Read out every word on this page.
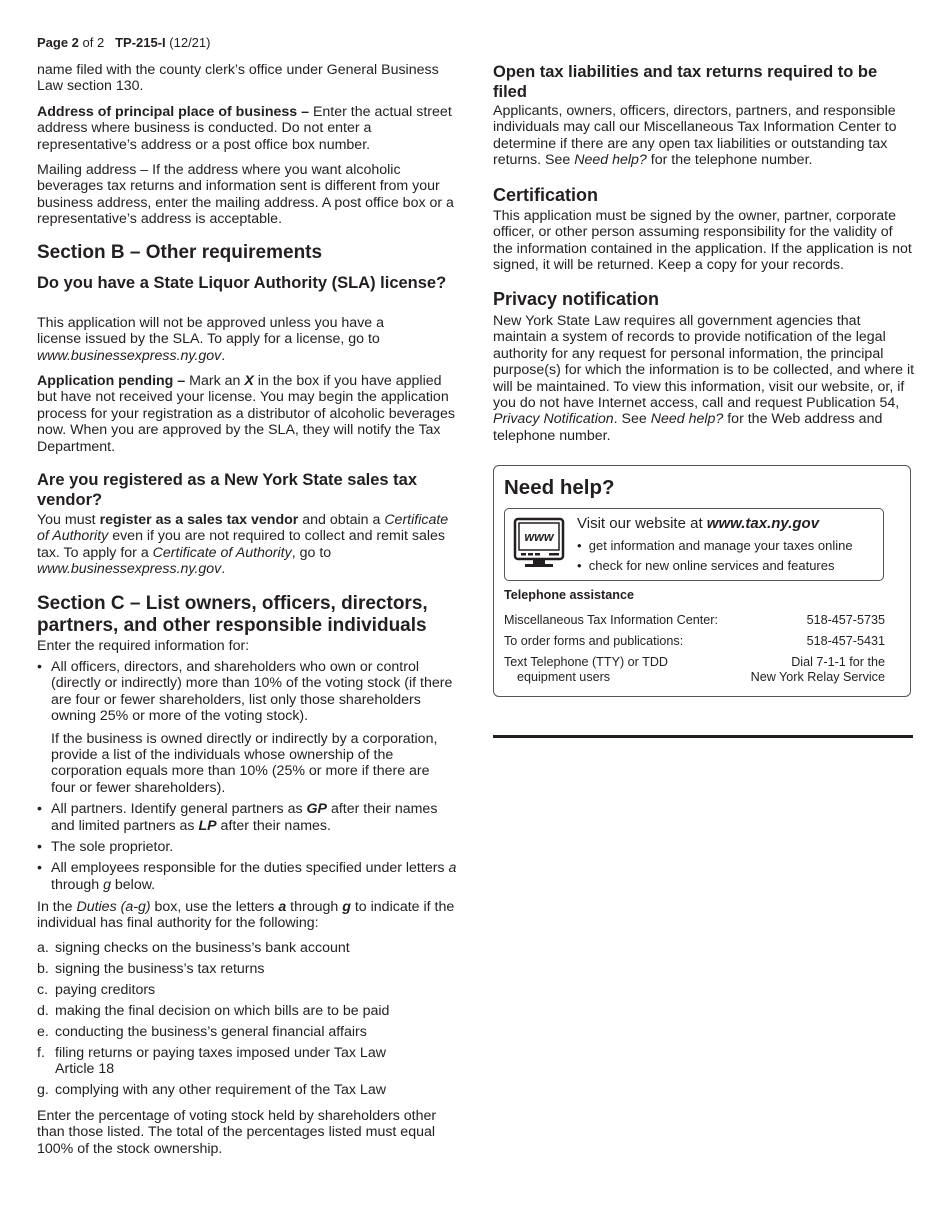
Page 2 of 2 TP-215-I (12/21)

name filed with the county clerk’s office under General Business Law section 130.

Address of principal place of business – Enter the actual street address where business is conducted. Do not enter a representative’s address or a post office box number.

Mailing address – If the address where you want alcoholic beverages tax returns and information sent is different from your business address, enter the mailing address. A post office box or a representative’s address is acceptable.

Section B – Other requirements
Do you have a State Liquor Authority (SLA) license?

This application will not be approved unless you have a license issued by the SLA. To apply for a license, go to www.businessexpress.ny.gov.

Application pending – Mark an X in the box if you have applied but have not received your license. You may begin the application process for your registration as a distributor of alcoholic beverages now. When you are approved by the SLA, they will notify the Tax Department.

Are you registered as a New York State sales tax vendor?

You must register as a sales tax vendor and obtain a Certificate of Authority even if you are not required to collect and remit sales tax. To apply for a Certificate of Authority, go to www.businessexpress.ny.gov.

Section C – List owners, officers, directors, partners, and other responsible individuals

Enter the required information for:

• All officers, directors, and shareholders who own or control (directly or indirectly) more than 10% of the voting stock (if there are four or fewer shareholders, list only those shareholders owning 25% or more of the voting stock).
If the business is owned directly or indirectly by a corporation, provide a list of the individuals whose ownership of the corporation equals more than 10% (25% or more if there are four or fewer shareholders).
• All partners. Identify general partners as GP after their names and limited partners as LP after their names.
• The sole proprietor.
• All employees responsible for the duties specified under letters a through g below.

In the Duties (a-g) box, use the letters a through g to indicate if the individual has final authority for the following:

a. signing checks on the business’s bank account
b. signing the business’s tax returns
c. paying creditors
d. making the final decision on which bills are to be paid
e. conducting the business’s general financial affairs
f. filing returns or paying taxes imposed under Tax Law Article 18
g. complying with any other requirement of the Tax Law

Enter the percentage of voting stock held by shareholders other than those listed. The total of the percentages listed must equal 100% of the stock ownership.

Open tax liabilities and tax returns required to be filed

Applicants, owners, officers, directors, partners, and responsible individuals may call our Miscellaneous Tax Information Center to determine if there are any open tax liabilities or outstanding tax returns. See Need help? for the telephone number.

Certification

This application must be signed by the owner, partner, corporate officer, or other person assuming responsibility for the validity of the information contained in the application. If the application is not signed, it will be returned. Keep a copy for your records.

Privacy notification

New York State Law requires all government agencies that maintain a system of records to provide notification of the legal authority for any request for personal information, the principal purpose(s) for which the information is to be collected, and where it will be maintained. To view this information, visit our website, or, if you do not have Internet access, call and request Publication 54, Privacy Notification. See Need help? for the Web address and telephone number.

Need help?
www
Visit our website at www.tax.ny.gov
• get information and manage your taxes online
• check for new online services and features
Telephone assistance
Miscellaneous Tax Information Center:	518-457-5735
To order forms and publications:	518-457-5431
Text Telephone (TTY) or TDD
equipment users
Dial 7-1-1 for the
New York Relay Service
